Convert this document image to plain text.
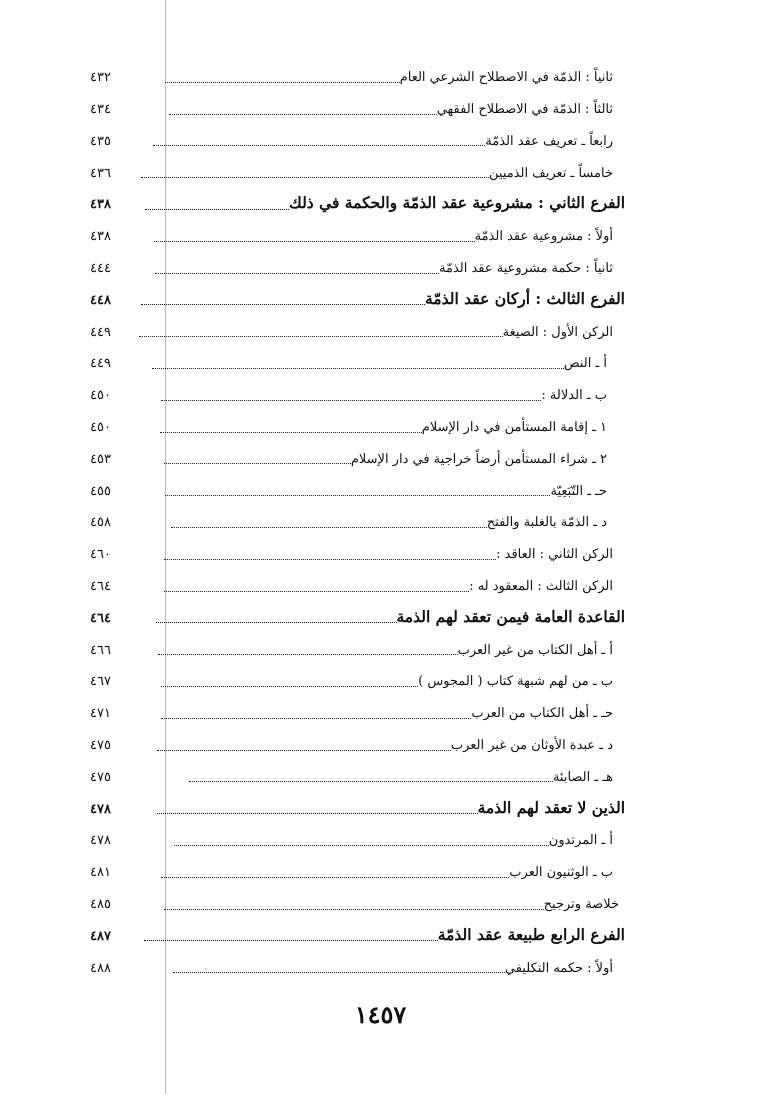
ثانياً : الذمّة في الاصطلاح الشرعي العام
٤٣٢
ثالثاً : الذمّة في الاصطلاح الفقهي
٤٣٤
رابعاً ـ تعريف عقد الذمّة
٤٣٥
خامساً ـ تعريف الذميين
٤٣٦
الفرع الثاني : مشروعية عقد الذمّة والحكمة في ذلك
٤٣٨
أولاً : مشروعية عقد الذمّة
٤٣٨
ثانياً : حكمة مشروعية عقد الذمّة
٤٤٤
الفرع الثالث : أركان عقد الذمّة
٤٤٨
الركن الأول : الصيغة
٤٤٩
أ ـ النص
٤٤٩
ب ـ الدلالة :
٤٥٠
١ ـ إقامة المستأمن في دار الإسلام
٤٥٠
٢ ـ شراء المستأمن أرضاً خراجية في دار الإسلام
٤٥٣
حـ ـ التّبَعِيّة
٤٥٥
د ـ الذمّة بالغلبة والفتح
٤٥٨
الركن الثاني : العاقد :
٤٦٠
الركن الثالث : المعقود له :
٤٦٤
القاعدة العامة فيمن تعقد لهم الذمة
٤٦٤
أ ـ أهل الكتاب من غير العرب
٤٦٦
ب ـ من لهم شبهة كتاب ( المجوس )
٤٦٧
حـ ـ أهل الكتاب من العرب
٤٧١
د ـ عبدة الأوثان من غير العرب
٤٧٥
هـ ـ الصابئة
٤٧٥
الذين لا تعقد لهم الذمة
٤٧٨
أ ـ المرتدون
٤٧٨
ب ـ الوثنيون العرب
٤٨١
خلاصة وترجيح
٤٨٥
الفرع الرابع طبيعة عقد الذمّة
٤٨٧
أولاً : حكمه التكليفي
٤٨٨
١٤٥٧
